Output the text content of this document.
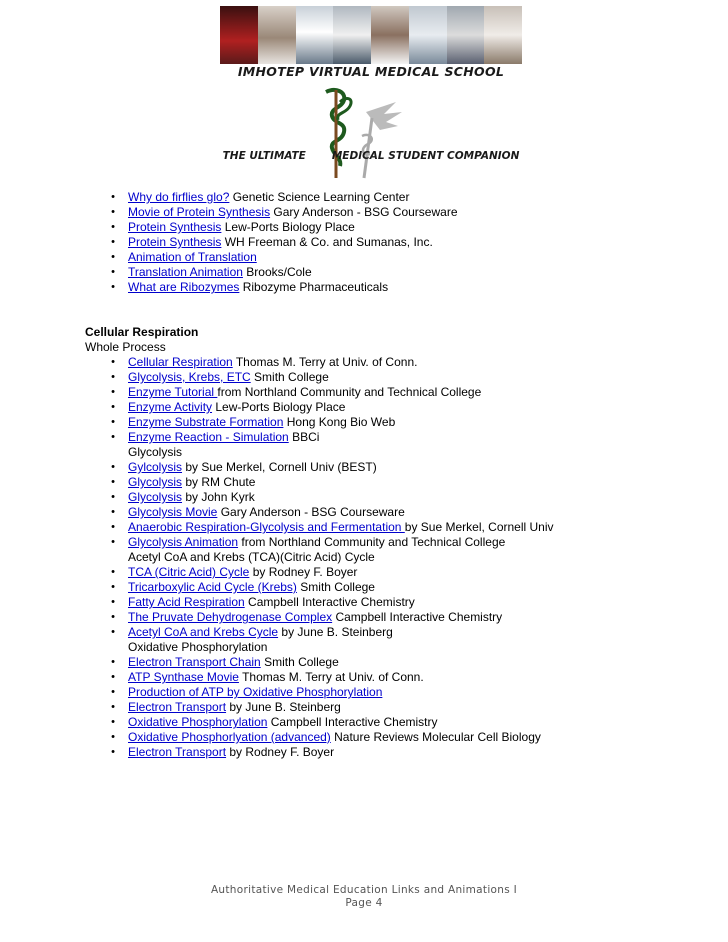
IMHOTEP VIRTUAL MEDICAL SCHOOL
THE ULTIMATE MEDICAL STUDENT COMPANION
• Why do firflies glo? Genetic Science Learning Center
• Movie of Protein Synthesis Gary Anderson - BSG Courseware
• Protein Synthesis Lew-Ports Biology Place
• Protein Synthesis WH Freeman & Co. and Sumanas, Inc.
• Animation of Translation
• Translation Animation Brooks/Cole
• What are Ribozymes Ribozyme Pharmaceuticals
Cellular Respiration
Whole Process
• Cellular Respiration Thomas M. Terry at Univ. of Conn.
• Glycolysis, Krebs, ETC Smith College
• Enzyme Tutorial from Northland Community and Technical College
• Enzyme Activity Lew-Ports Biology Place
• Enzyme Substrate Formation Hong Kong Bio Web
• Enzyme Reaction - Simulation BBCi
Glycolysis
• Gylcolysis by Sue Merkel, Cornell Univ (BEST)
• Glycolysis by RM Chute
• Glycolysis by John Kyrk
• Glycolysis Movie Gary Anderson - BSG Courseware
• Anaerobic Respiration-Glycolysis and Fermentation by Sue Merkel, Cornell Univ
• Glycolysis Animation from Northland Community and Technical College
Acetyl CoA and Krebs (TCA)(Citric Acid) Cycle
• TCA (Citric Acid) Cycle by Rodney F. Boyer
• Tricarboxylic Acid Cycle (Krebs) Smith College
• Fatty Acid Respiration Campbell Interactive Chemistry
• The Pruvate Dehydrogenase Complex Campbell Interactive Chemistry
• Acetyl CoA and Krebs Cycle by June B. Steinberg
Oxidative Phosphorylation
• Electron Transport Chain Smith College
• ATP Synthase Movie Thomas M. Terry at Univ. of Conn.
• Production of ATP by Oxidative Phosphorylation
• Electron Transport by June B. Steinberg
• Oxidative Phosphorylation Campbell Interactive Chemistry
• Oxidative Phosphorlyation (advanced) Nature Reviews Molecular Cell Biology
• Electron Transport by Rodney F. Boyer
Authoritative Medical Education Links and Animations I
Page 4
